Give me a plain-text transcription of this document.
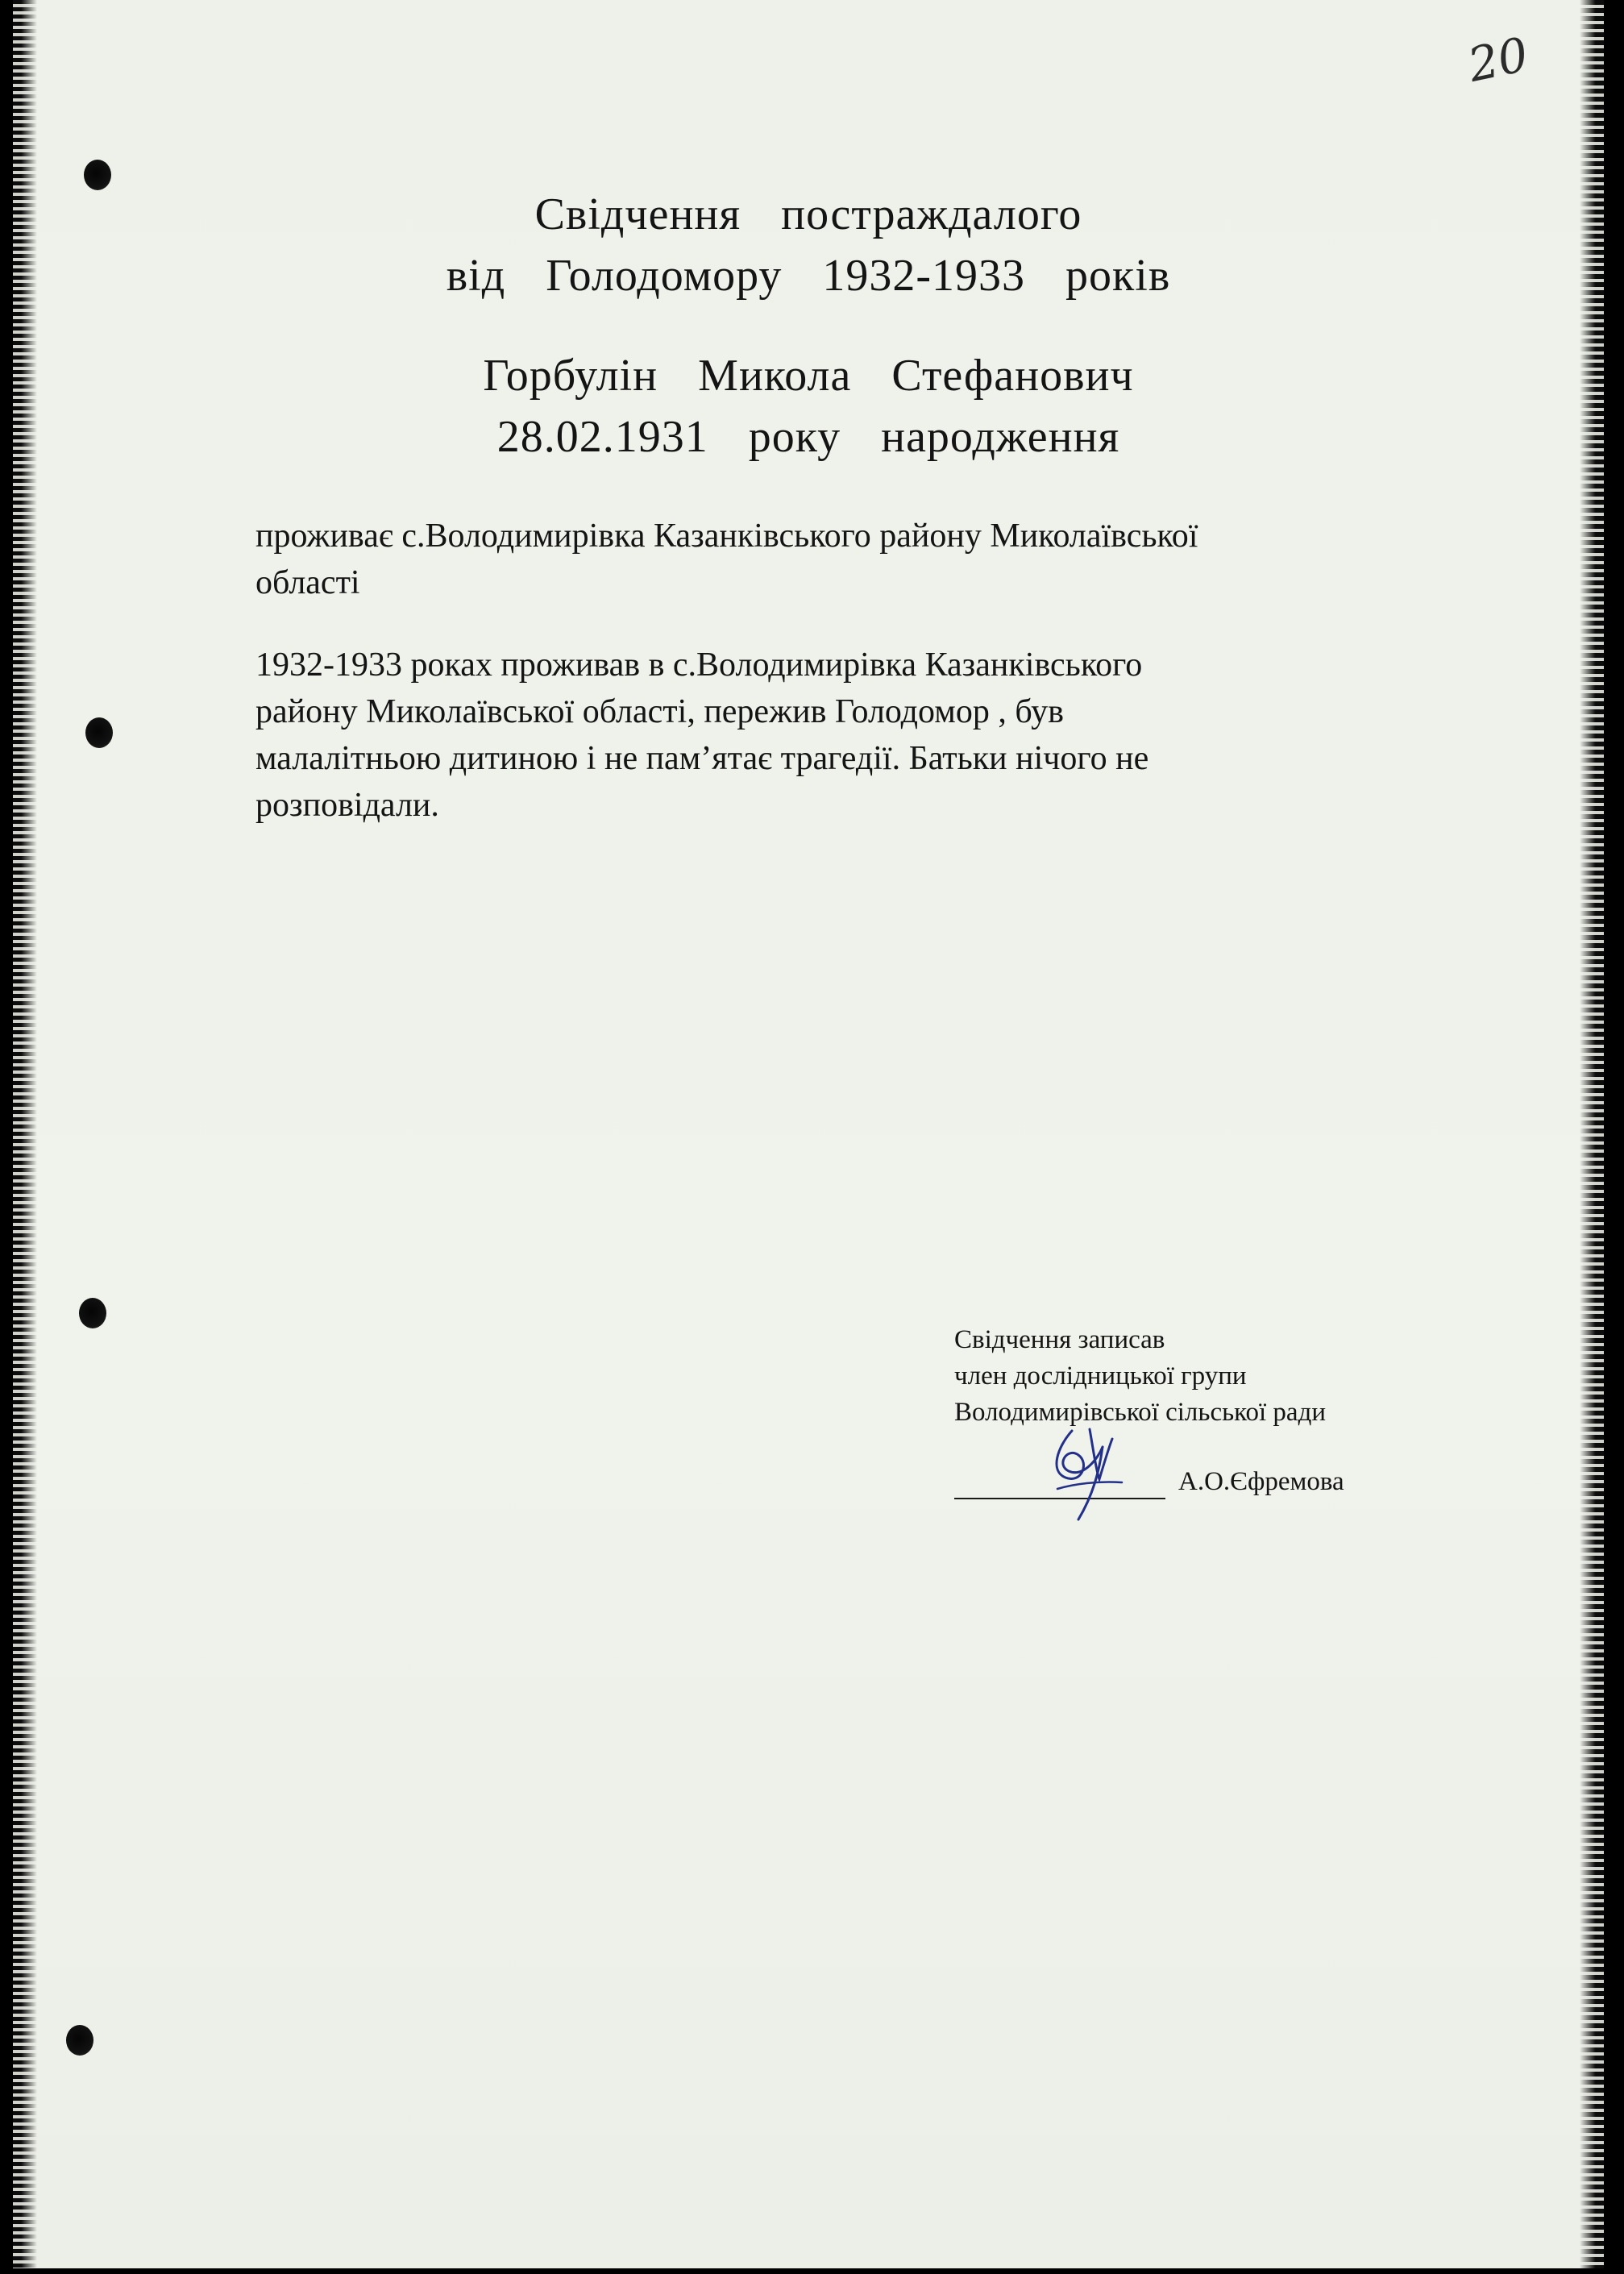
20
Свідчення  постраждалого
від  Голодомору  1932-1933  років
Горбулін  Микола  Стефанович
28.02.1931  року  народження
проживає с.Володимирівка Казанківського району Миколаївської
області
1932-1933 роках проживав в с.Володимирівка Казанківського
району Миколаївської області, пережив Голодомор , був
малалітньою дитиною і не пам’ятає трагедії. Батьки нічого не
розповідали.
Свідчення записав
член дослідницької групи
Володимирівської сільської ради
А.О.Єфремова
